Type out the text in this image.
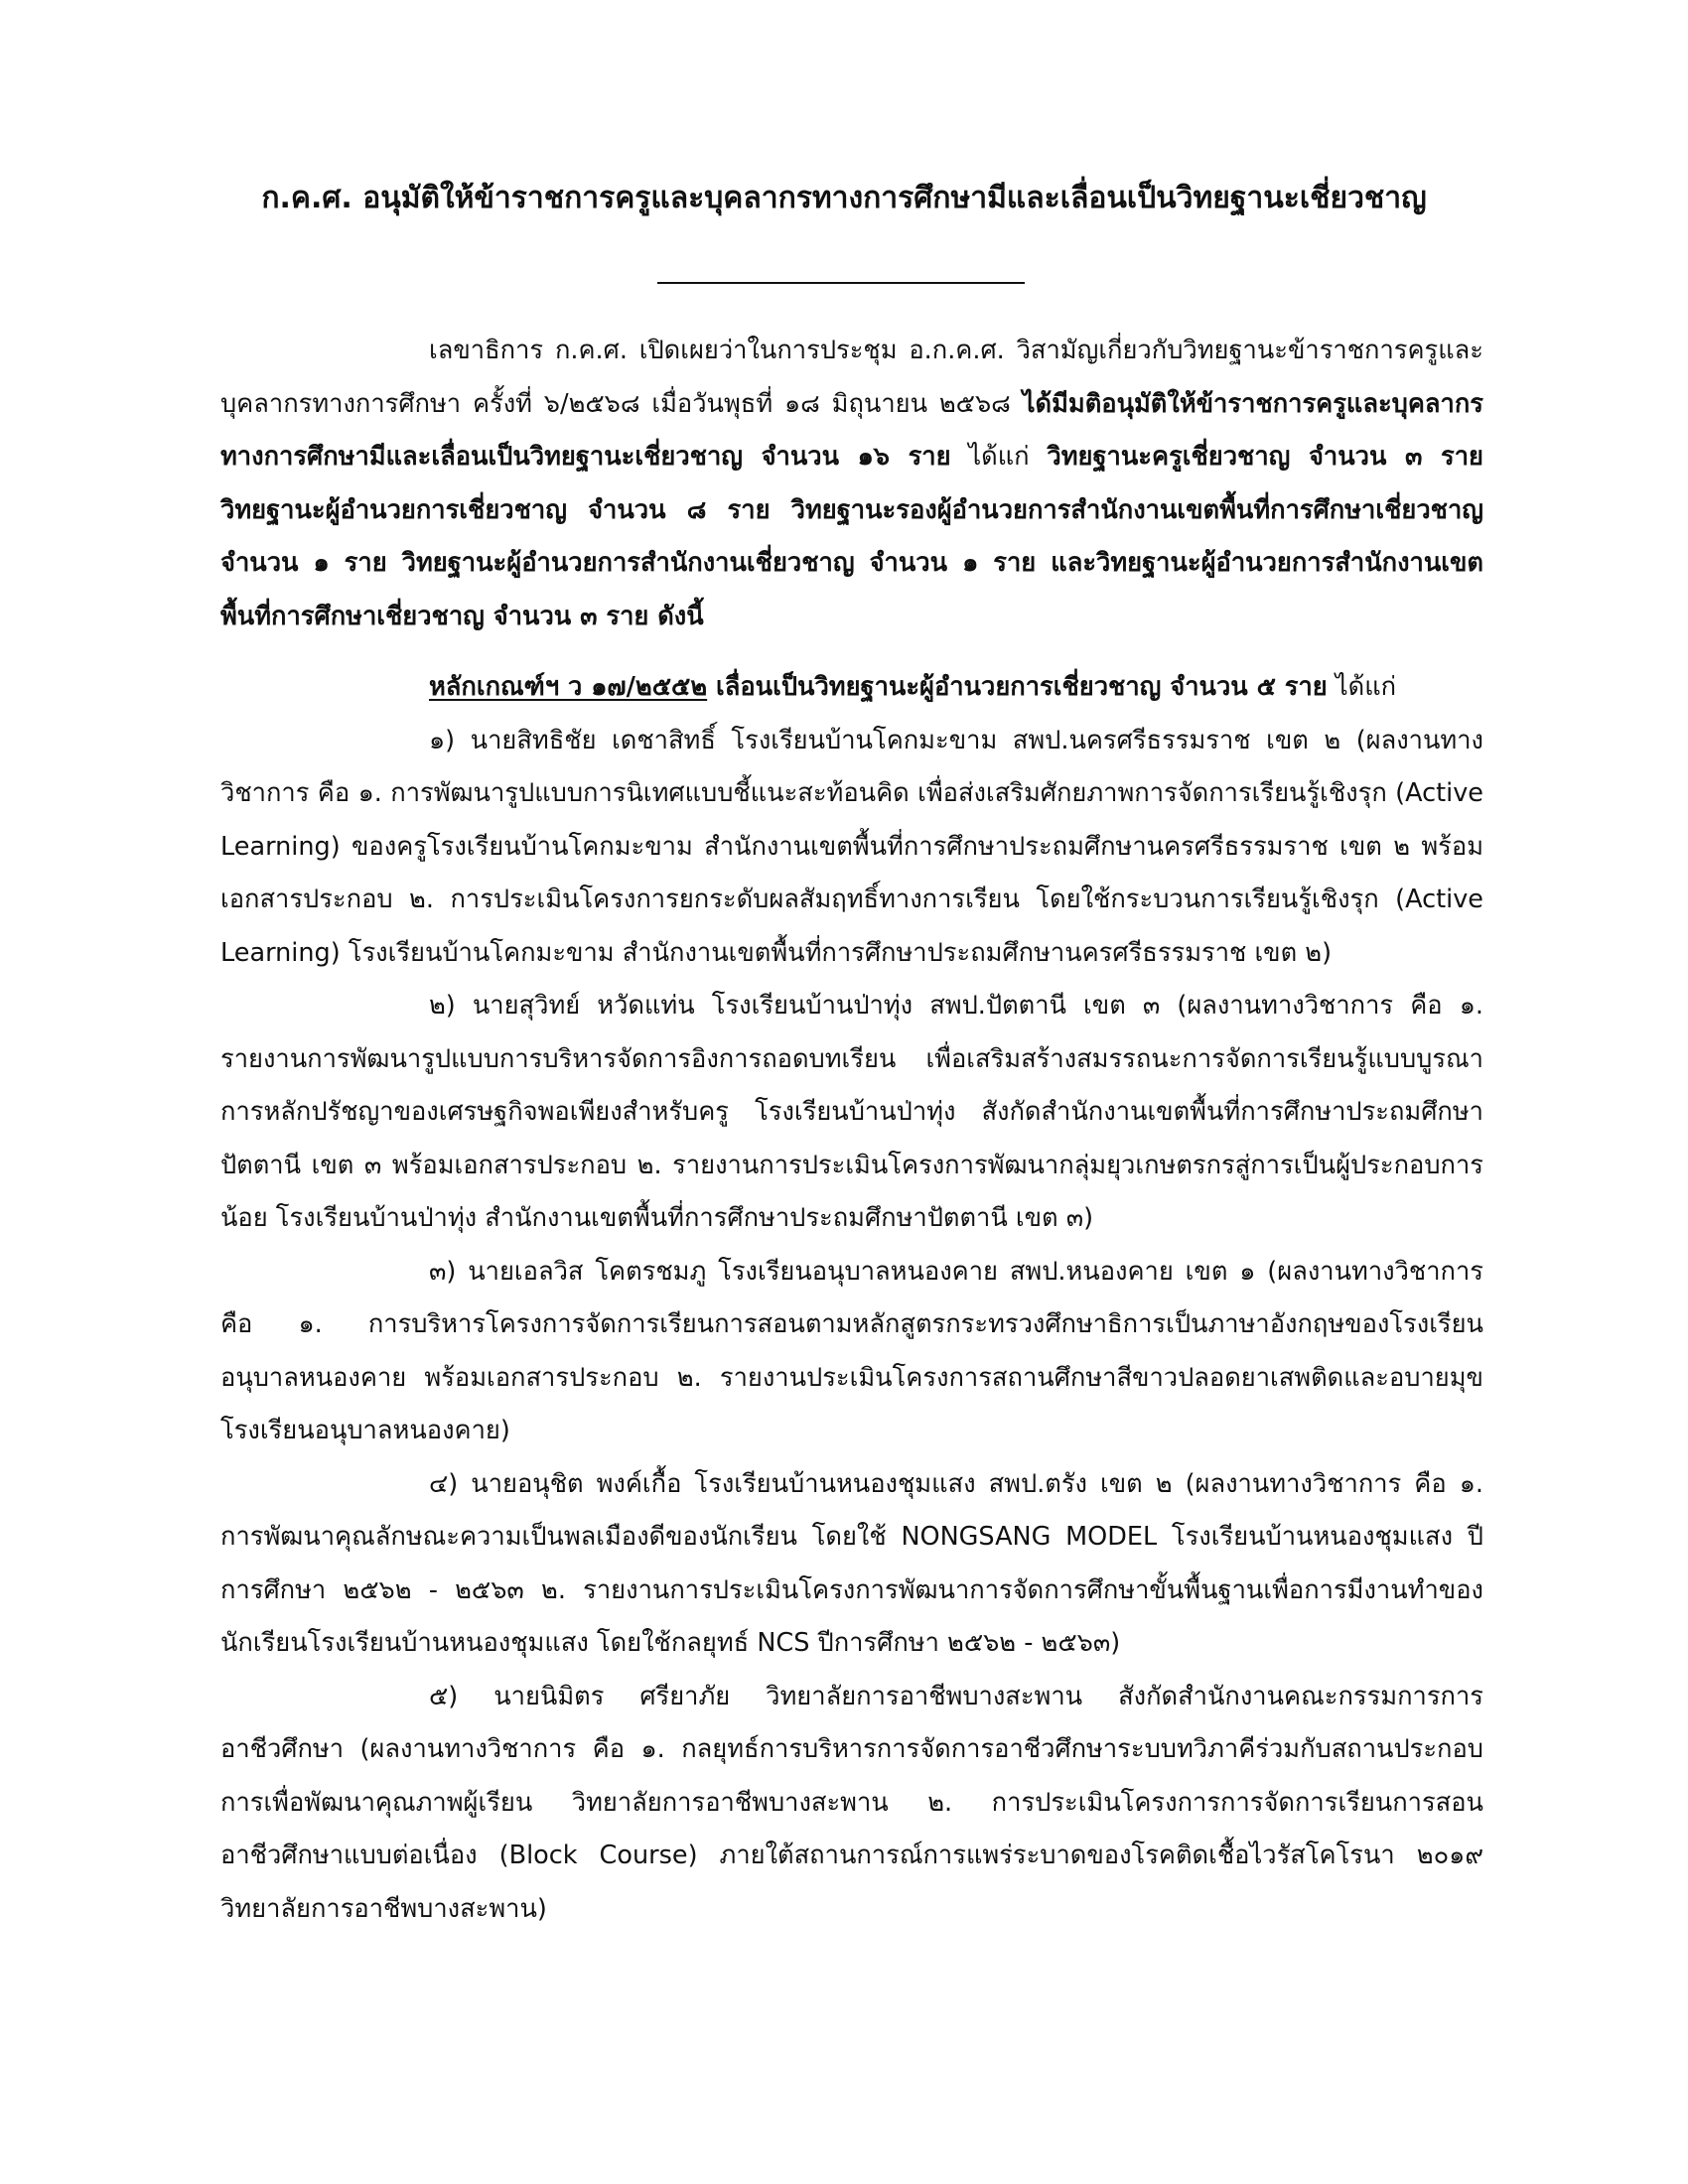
ก.ค.ศ. อนุมัติให้ข้าราชการครูและบุคลากรทางการศึกษามีและเลื่อนเป็นวิทยฐานะเชี่ยวชาญ

เลขาธิการ ก.ค.ศ. เปิดเผยว่าในการประชุม อ.ก.ค.ศ. วิสามัญเกี่ยวกับวิทยฐานะข้าราชการครูและบุคลากรทางการศึกษา ครั้งที่ ๖/๒๕๖๘ เมื่อวันพุธที่ ๑๘ มิถุนายน ๒๕๖๘ ได้มีมติอนุมัติให้ข้าราชการครูและบุคลากรทางการศึกษามีและเลื่อนเป็นวิทยฐานะเชี่ยวชาญ จำนวน ๑๖ ราย ได้แก่ วิทยฐานะครูเชี่ยวชาญ จำนวน ๓ ราย วิทยฐานะผู้อำนวยการเชี่ยวชาญ จำนวน ๘ ราย วิทยฐานะรองผู้อำนวยการสำนักงานเขตพื้นที่การศึกษาเชี่ยวชาญ จำนวน ๑ ราย วิทยฐานะผู้อำนวยการสำนักงานเชี่ยวชาญ จำนวน ๑ ราย และวิทยฐานะผู้อำนวยการสำนักงานเขตพื้นที่การศึกษาเชี่ยวชาญ จำนวน ๓ ราย ดังนี้

หลักเกณฑ์ฯ ว ๑๗/๒๕๕๒ เลื่อนเป็นวิทยฐานะผู้อำนวยการเชี่ยวชาญ จำนวน ๕ ราย ได้แก่

๑) นายสิทธิชัย เดชาสิทธิ์ โรงเรียนบ้านโคกมะขาม สพป.นครศรีธรรมราช เขต ๒ (ผลงานทางวิชาการ คือ ๑. การพัฒนารูปแบบการนิเทศแบบชี้แนะสะท้อนคิด เพื่อส่งเสริมศักยภาพการจัดการเรียนรู้เชิงรุก (Active Learning) ของครูโรงเรียนบ้านโคกมะขาม สำนักงานเขตพื้นที่การศึกษาประถมศึกษานครศรีธรรมราช เขต ๒ พร้อมเอกสารประกอบ ๒. การประเมินโครงการยกระดับผลสัมฤทธิ์ทางการเรียน โดยใช้กระบวนการเรียนรู้เชิงรุก (Active Learning) โรงเรียนบ้านโคกมะขาม สำนักงานเขตพื้นที่การศึกษาประถมศึกษานครศรีธรรมราช เขต ๒)

๒) นายสุวิทย์ หวัดแท่น โรงเรียนบ้านป่าทุ่ง สพป.ปัตตานี เขต ๓ (ผลงานทางวิชาการ คือ ๑. รายงานการพัฒนารูปแบบการบริหารจัดการอิงการถอดบทเรียน เพื่อเสริมสร้างสมรรถนะการจัดการเรียนรู้แบบบูรณาการหลักปรัชญาของเศรษฐกิจพอเพียงสำหรับครู โรงเรียนบ้านป่าทุ่ง สังกัดสำนักงานเขตพื้นที่การศึกษาประถมศึกษาปัตตานี เขต ๓ พร้อมเอกสารประกอบ ๒. รายงานการประเมินโครงการพัฒนากลุ่มยุวเกษตรกรสู่การเป็นผู้ประกอบการน้อย โรงเรียนบ้านป่าทุ่ง สำนักงานเขตพื้นที่การศึกษาประถมศึกษาปัตตานี เขต ๓)

๓) นายเอลวิส โคตรชมภู โรงเรียนอนุบาลหนองคาย สพป.หนองคาย เขต ๑ (ผลงานทางวิชาการ คือ ๑. การบริหารโครงการจัดการเรียนการสอนตามหลักสูตรกระทรวงศึกษาธิการเป็นภาษาอังกฤษของโรงเรียนอนุบาลหนองคาย พร้อมเอกสารประกอบ ๒. รายงานประเมินโครงการสถานศึกษาสีขาวปลอดยาเสพติดและอบายมุข โรงเรียนอนุบาลหนองคาย)

๔) นายอนุชิต พงค์เกื้อ โรงเรียนบ้านหนองชุมแสง สพป.ตรัง เขต ๒ (ผลงานทางวิชาการ คือ ๑. การพัฒนาคุณลักษณะความเป็นพลเมืองดีของนักเรียน โดยใช้ NONGSANG MODEL โรงเรียนบ้านหนองชุมแสง ปีการศึกษา ๒๕๖๒ - ๒๕๖๓ ๒. รายงานการประเมินโครงการพัฒนาการจัดการศึกษาขั้นพื้นฐานเพื่อการมีงานทำของนักเรียนโรงเรียนบ้านหนองชุมแสง โดยใช้กลยุทธ์ NCS ปีการศึกษา ๒๕๖๒ - ๒๕๖๓)

๕) นายนิมิตร ศรียาภัย วิทยาลัยการอาชีพบางสะพาน สังกัดสำนักงานคณะกรรมการการอาชีวศึกษา (ผลงานทางวิชาการ คือ ๑. กลยุทธ์การบริหารการจัดการอาชีวศึกษาระบบทวิภาคีร่วมกับสถานประกอบการเพื่อพัฒนาคุณภาพผู้เรียน วิทยาลัยการอาชีพบางสะพาน ๒. การประเมินโครงการการจัดการเรียนการสอนอาชีวศึกษาแบบต่อเนื่อง (Block Course) ภายใต้สถานการณ์การแพร่ระบาดของโรคติดเชื้อไวรัสโคโรนา ๒๐๑๙ วิทยาลัยการอาชีพบางสะพาน)
